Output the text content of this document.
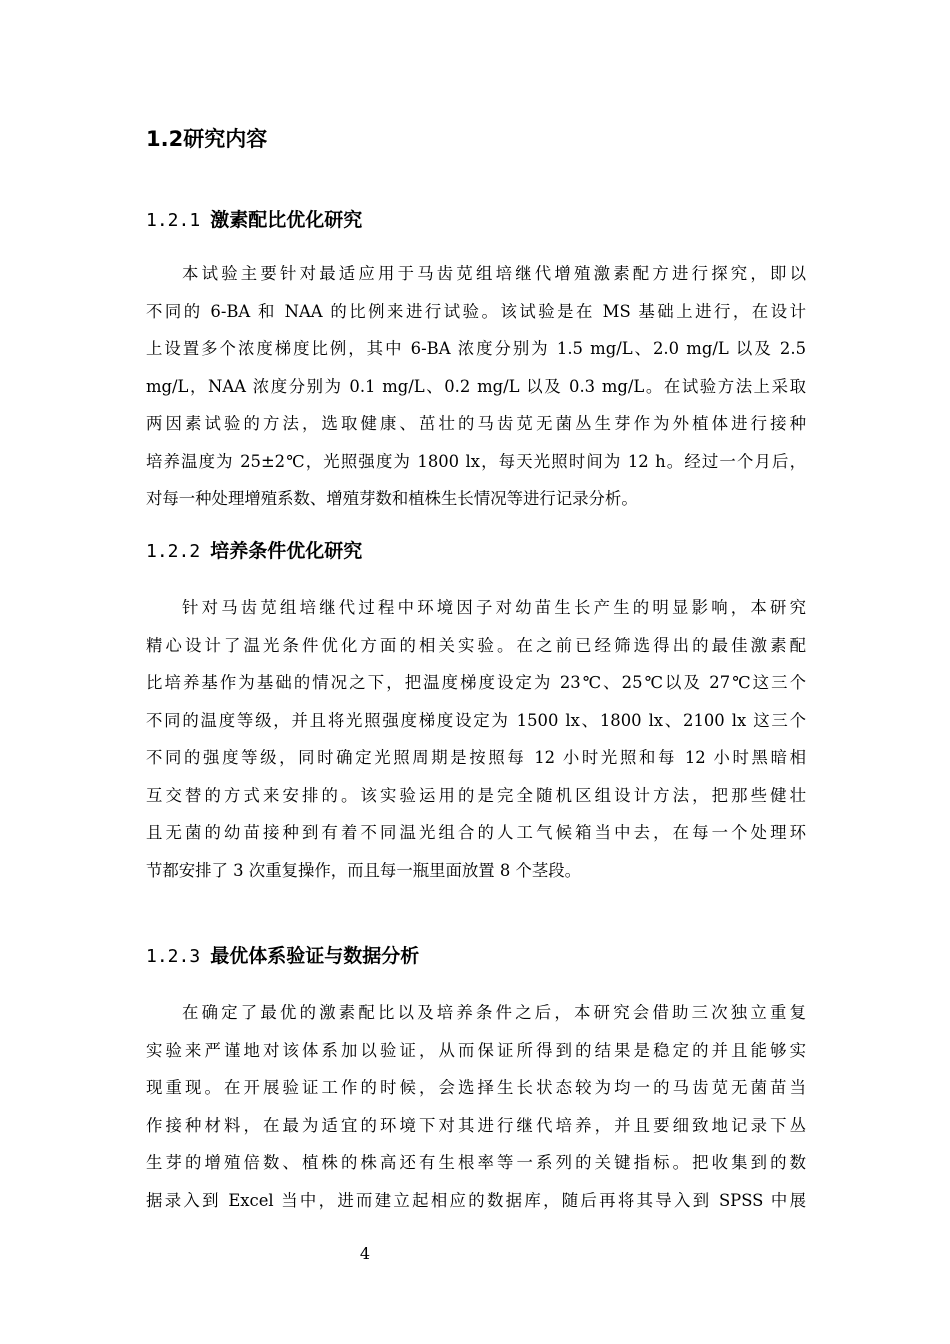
1.2研究内容
1.2.1 激素配比优化研究
本试验主要针对最适应用于马齿苋组培继代增殖激素配方进行探究，即以
不同的 6-BA 和 NAA 的比例来进行试验。该试验是在 MS 基础上进行，在设计
上设置多个浓度梯度比例，其中 6-BA 浓度分别为 1.5 mg/L、2.0 mg/L 以及 2.5
mg/L，NAA 浓度分别为 0.1 mg/L、0.2 mg/L 以及 0.3 mg/L。在试验方法上采取
两因素试验的方法，选取健康、茁壮的马齿苋无菌丛生芽作为外植体进行接种
培养温度为 25±2℃，光照强度为 1800 lx，每天光照时间为 12 h。经过一个月后，
对每一种处理增殖系数、增殖芽数和植株生长情况等进行记录分析。
1.2.2 培养条件优化研究
针对马齿苋组培继代过程中环境因子对幼苗生长产生的明显影响，本研究
精心设计了温光条件优化方面的相关实验。在之前已经筛选得出的最佳激素配
比培养基作为基础的情况之下，把温度梯度设定为 23℃、25℃以及 27℃这三个
不同的温度等级，并且将光照强度梯度设定为 1500 lx、1800 lx、2100 lx 这三个
不同的强度等级，同时确定光照周期是按照每 12 小时光照和每 12 小时黑暗相
互交替的方式来安排的。该实验运用的是完全随机区组设计方法，把那些健壮
且无菌的幼苗接种到有着不同温光组合的人工气候箱当中去，在每一个处理环
节都安排了 3 次重复操作，而且每一瓶里面放置 8 个茎段。
1.2.3 最优体系验证与数据分析
在确定了最优的激素配比以及培养条件之后，本研究会借助三次独立重复
实验来严谨地对该体系加以验证，从而保证所得到的结果是稳定的并且能够实
现重现。在开展验证工作的时候，会选择生长状态较为均一的马齿苋无菌苗当
作接种材料，在最为适宜的环境下对其进行继代培养，并且要细致地记录下丛
生芽的增殖倍数、植株的株高还有生根率等一系列的关键指标。把收集到的数
据录入到 Excel 当中，进而建立起相应的数据库，随后再将其导入到 SPSS 中展
4
